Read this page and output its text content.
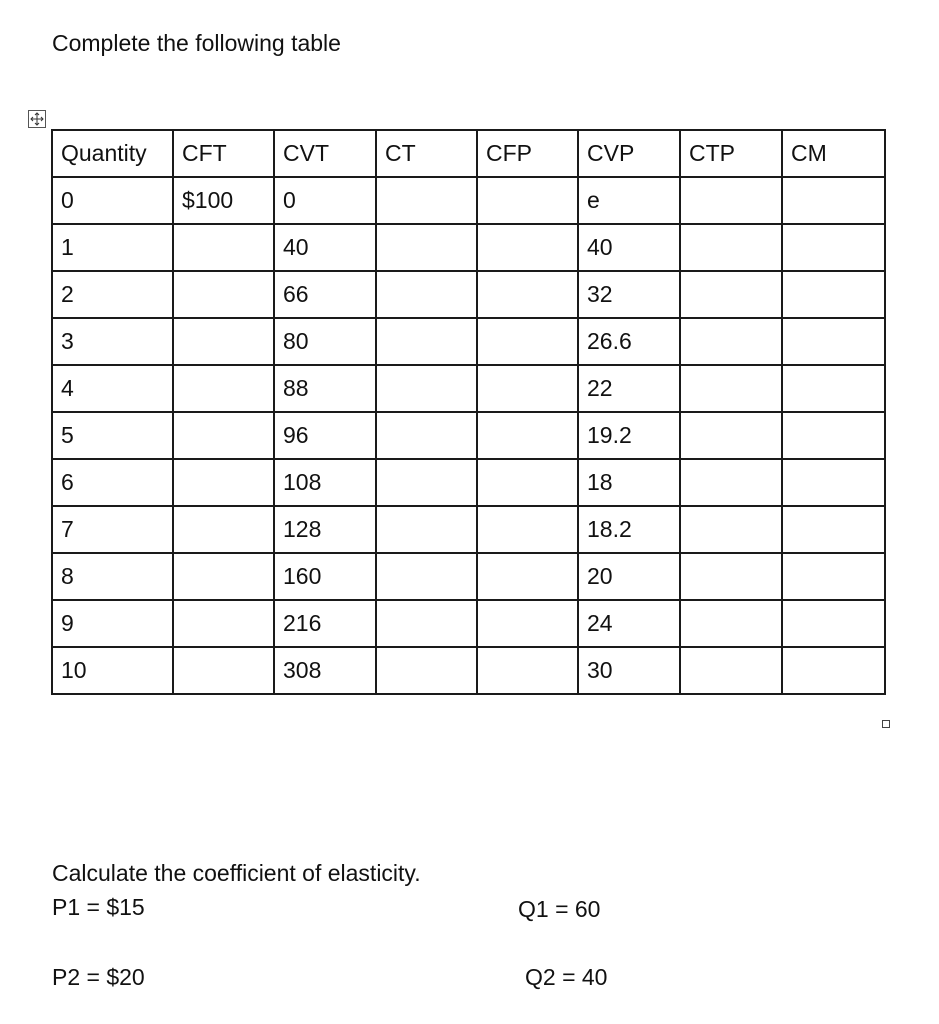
Complete the following table
Quantity	CFT	CVT	CT	CFP	CVP	CTP	CM
0	$100	0			e		
1		40			40		
2		66			32		
3		80			26.6		
4		88			22		
5		96			19.2		
6		108			18		
7		128			18.2		
8		160			20		
9		216			24		
10		308			30		
Calculate the coefficient of elasticity.
P1 = $15	Q1 = 60
P2 = $20	Q2 = 40
